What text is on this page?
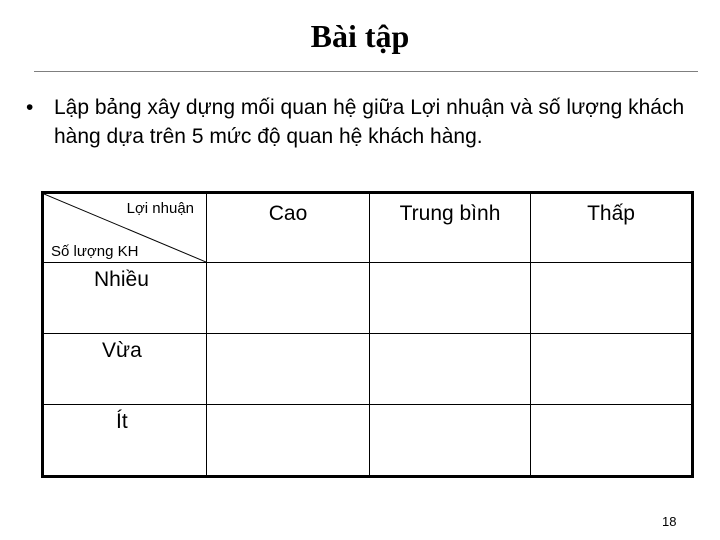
Bài tập
• Lập bảng xây dựng mối quan hệ giữa Lợi nhuận và số lượng khách hàng dựa trên 5 mức độ quan hệ khách hàng.
Lợi nhuận
Số lượng KH	Cao	Trung bình	Thấp

Nhiều			

Vừa			

Ít			

18
